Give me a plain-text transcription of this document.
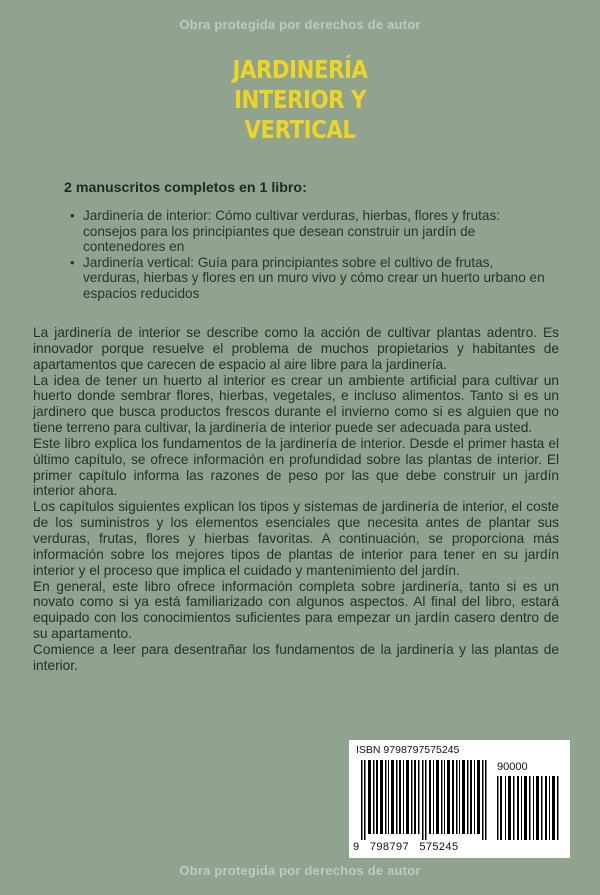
Obra protegida por derechos de autor
JARDINERÍA
INTERIOR Y
VERTICAL
2 manuscritos completos en 1 libro:
• Jardinería de interior: Cómo cultivar verduras, hierbas, flores y frutas: consejos para los principiantes que desean construir un jardín de contenedores en
• Jardinería vertical: Guía para principiantes sobre el cultivo de frutas, verduras, hierbas y flores en un muro vivo y cómo crear un huerto urbano en espacios reducidos

La jardinería de interior se describe como la acción de cultivar plantas adentro. Es innovador porque resuelve el problema de muchos propietarios y habitantes de apartamentos que carecen de espacio al aire libre para la jardinería.

La idea de tener un huerto al interior es crear un ambiente artificial para cultivar un huerto donde sembrar flores, hierbas, vegetales, e incluso alimentos. Tanto si es un jardinero que busca productos frescos durante el invierno como si es alguien que no tiene terreno para cultivar, la jardinería de interior puede ser adecuada para usted.

Este libro explica los fundamentos de la jardinería de interior. Desde el primer hasta el último capítulo, se ofrece información en profundidad sobre las plantas de interior. El primer capítulo informa las razones de peso por las que debe construir un jardín interior ahora.

Los capítulos siguientes explican los tipos y sistemas de jardinería de interior, el coste de los suministros y los elementos esenciales que necesita antes de plantar sus verduras, frutas, flores y hierbas favoritas. A continuación, se proporciona más información sobre los mejores tipos de plantas de interior para tener en su jardín interior y el proceso que implica el cuidado y mantenimiento del jardín.

En general, este libro ofrece información completa sobre jardinería, tanto si es un novato como si ya está familiarizado con algunos aspectos. Al final del libro, estará equipado con los conocimientos suficientes para empezar un jardín casero dentro de su apartamento.

Comience a leer para desentrañar los fundamentos de la jardinería y las plantas de interior.

ISBN 9798797575245
90000
9   798797   575245
Obra protegida por derechos de autor
